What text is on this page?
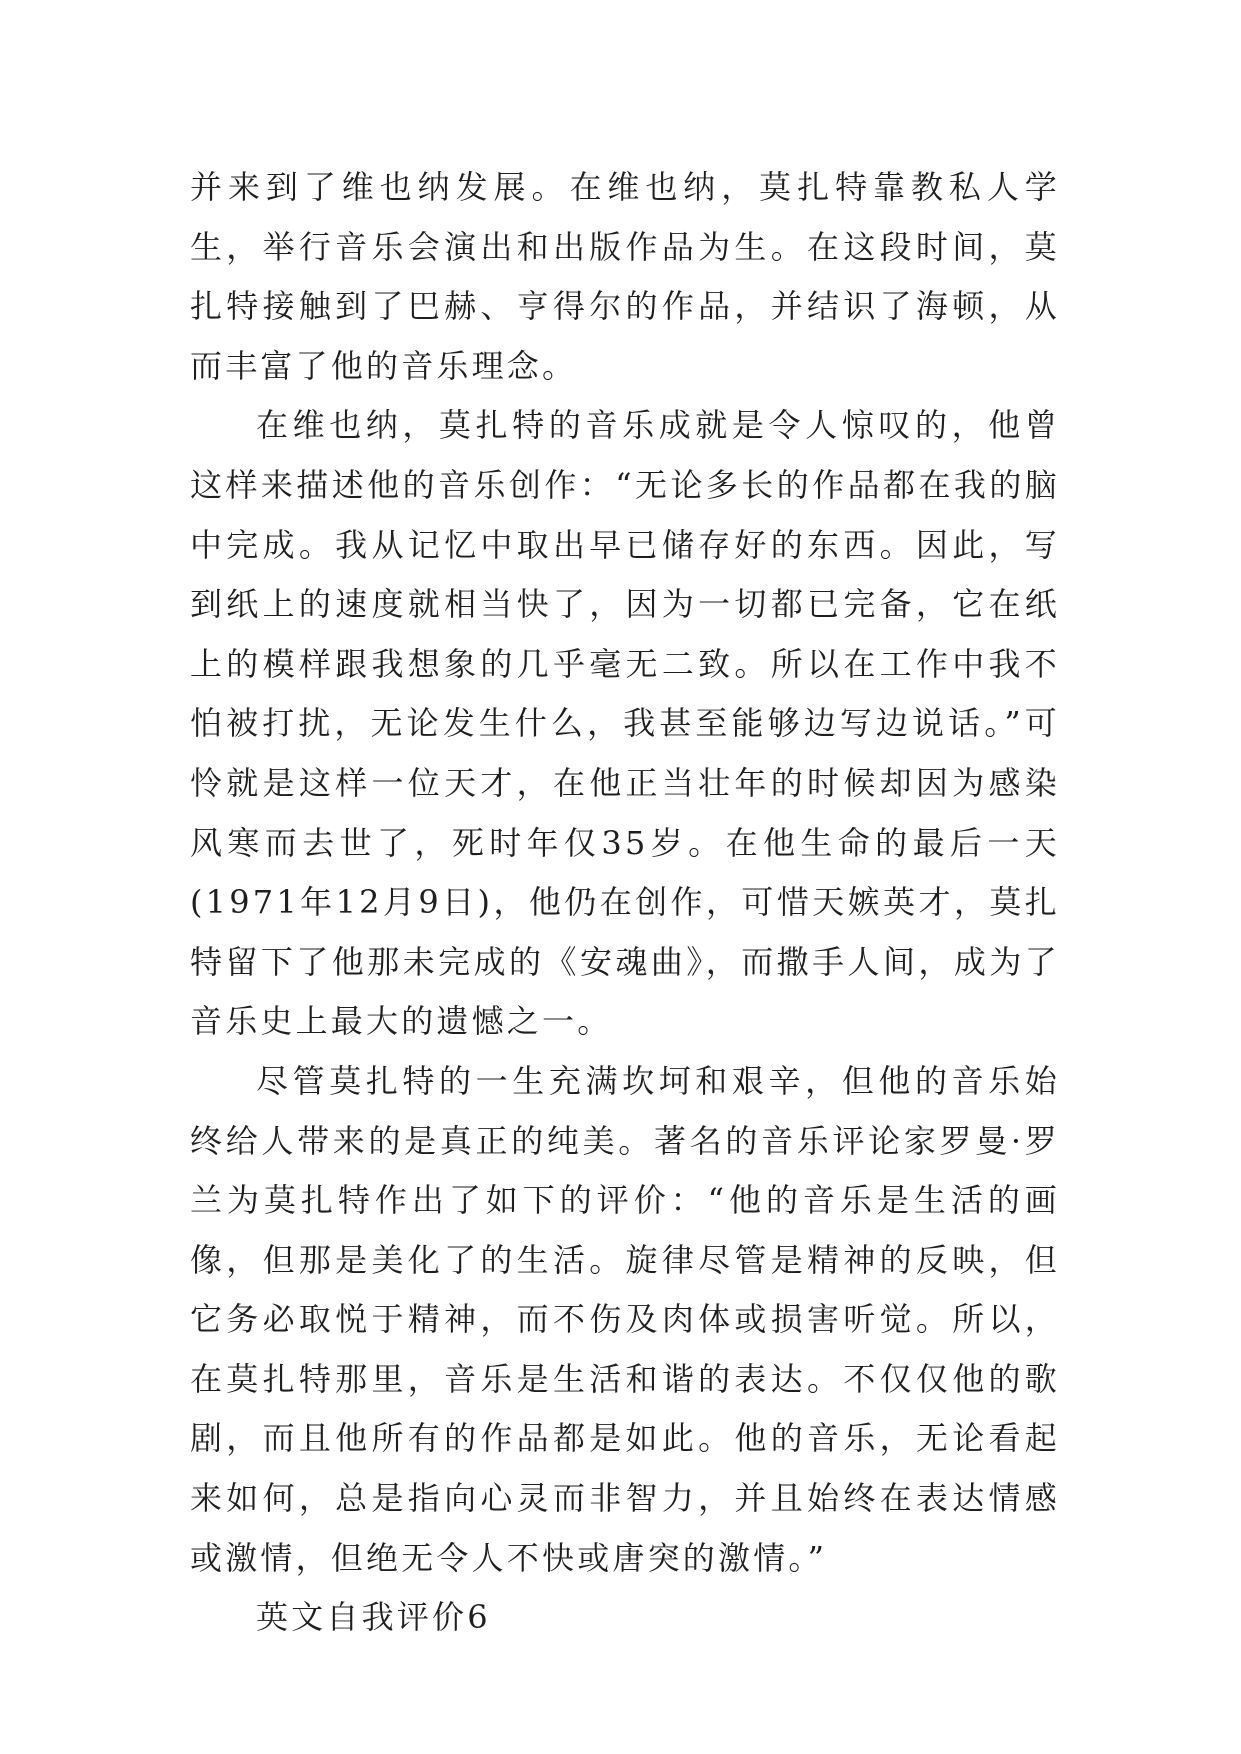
并来到了维也纳发展。在维也纳，莫扎特靠教私人学生，举行音乐会演出和出版作品为生。在这段时间，莫扎特接触到了巴赫、亨得尔的作品，并结识了海顿，从而丰富了他的音乐理念。

在维也纳，莫扎特的音乐成就是令人惊叹的，他曾这样来描述他的音乐创作：“无论多长的作品都在我的脑中完成。我从记忆中取出早已储存好的东西。因此，写到纸上的速度就相当快了，因为一切都已完备，它在纸上的模样跟我想象的几乎毫无二致。所以在工作中我不怕被打扰，无论发生什么，我甚至能够边写边说话。”可怜就是这样一位天才，在他正当壮年的时候却因为感染风寒而去世了，死时年仅35岁。在他生命的最后一天(1971年12月9日)，他仍在创作，可惜天嫉英才，莫扎特留下了他那未完成的《安魂曲》，而撒手人间，成为了音乐史上最大的遗憾之一。

尽管莫扎特的一生充满坎坷和艰辛，但他的音乐始终给人带来的是真正的纯美。著名的音乐评论家罗曼·罗兰为莫扎特作出了如下的评价：“他的音乐是生活的画像，但那是美化了的生活。旋律尽管是精神的反映，但它务必取悦于精神，而不伤及肉体或损害听觉。所以，在莫扎特那里，音乐是生活和谐的表达。不仅仅他的歌剧，而且他所有的作品都是如此。他的音乐，无论看起来如何，总是指向心灵而非智力，并且始终在表达情感或激情，但绝无令人不快或唐突的激情。”

英文自我评价6
